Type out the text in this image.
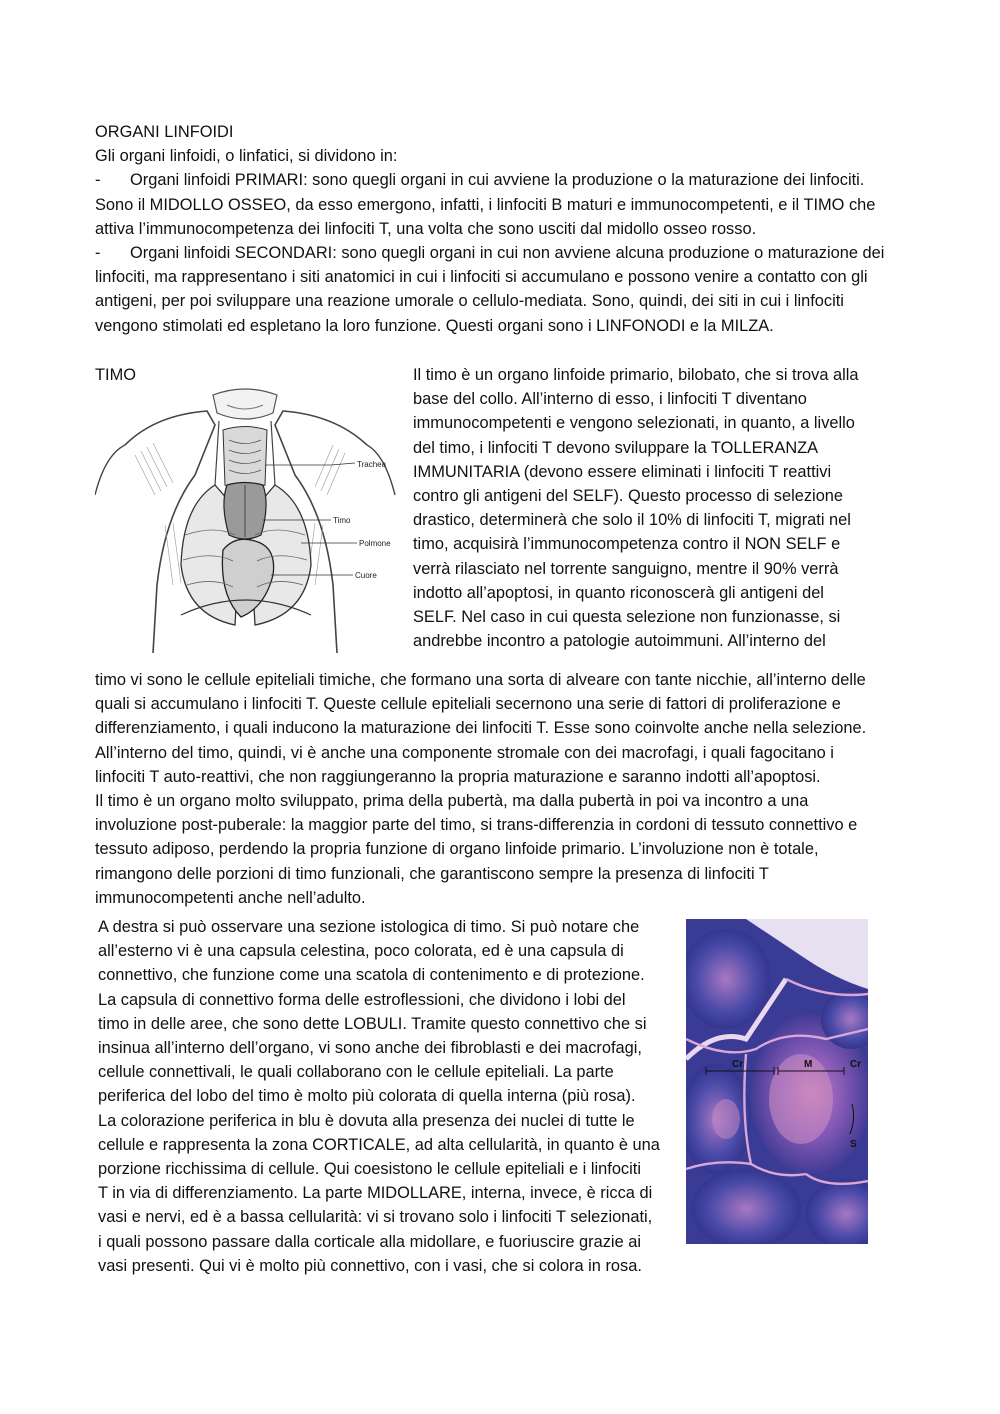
ORGANI LINFOIDI
Gli organi linfoidi, o linfatici, si dividono in:
- Organi linfoidi PRIMARI: sono quegli organi in cui avviene la produzione o la maturazione dei linfociti.
Sono il MIDOLLO OSSEO, da esso emergono, infatti, i linfociti B maturi e immunocompetenti, e il TIMO che
attiva l’immunocompetenza dei linfociti T, una volta che sono usciti dal midollo osseo rosso.
- Organi linfoidi SECONDARI: sono quegli organi in cui non avviene alcuna produzione o maturazione dei
linfociti, ma rappresentano i siti anatomici in cui i linfociti si accumulano e possono venire a contatto con gli
antigeni, per poi sviluppare una reazione umorale o cellulo-mediata. Sono, quindi, dei siti in cui i linfociti
vengono stimolati ed espletano la loro funzione. Questi organi sono i LINFONODI e la MILZA.
TIMO
Trachea
Timo
Polmone
Cuore
Il timo è un organo linfoide primario, bilobato, che si trova alla
base del collo. All’interno di esso, i linfociti T diventano
immunocompetenti e vengono selezionati, in quanto, a livello
del timo, i linfociti T devono sviluppare la TOLLERANZA
IMMUNITARIA (devono essere eliminati i linfociti T reattivi
contro gli antigeni del SELF). Questo processo di selezione
drastico, determinerà che solo il 10% di linfociti T, migrati nel
timo, acquisirà l’immunocompetenza contro il NON SELF e
verrà rilasciato nel torrente sanguigno, mentre il 90% verrà
indotto all’apoptosi, in quanto riconoscerà gli antigeni del
SELF. Nel caso in cui questa selezione non funzionasse, si
andrebbe incontro a patologie autoimmuni. All’interno del
timo vi sono le cellule epiteliali timiche, che formano una sorta di alveare con tante nicchie, all’interno delle
quali si accumulano i linfociti T. Queste cellule epiteliali secernono una serie di fattori di proliferazione e
differenziamento, i quali inducono la maturazione dei linfociti T. Esse sono coinvolte anche nella selezione.
All’interno del timo, quindi, vi è anche una componente stromale con dei macrofagi, i quali fagocitano i
linfociti T auto-reattivi, che non raggiungeranno la propria maturazione e saranno indotti all’apoptosi.
Il timo è un organo molto sviluppato, prima della pubertà, ma dalla pubertà in poi va incontro a una
involuzione post-puberale: la maggior parte del timo, si trans-differenzia in cordoni di tessuto connettivo e
tessuto adiposo, perdendo la propria funzione di organo linfoide primario. L’involuzione non è totale,
rimangono delle porzioni di timo funzionali, che garantiscono sempre la presenza di linfociti T
immunocompetenti anche nell’adulto.
A destra si può osservare una sezione istologica di timo. Si può notare che
all’esterno vi è una capsula celestina, poco colorata, ed è una capsula di
connettivo, che funzione come una scatola di contenimento e di protezione.
La capsula di connettivo forma delle estroflessioni, che dividono i lobi del
timo in delle aree, che sono dette LOBULI. Tramite questo connettivo che si
insinua all’interno dell’organo, vi sono anche dei fibroblasti e dei macrofagi,
cellule connettivali, le quali collaborano con le cellule epiteliali. La parte
periferica del lobo del timo è molto più colorata di quella interna (più rosa).
La colorazione periferica in blu è dovuta alla presenza dei nuclei di tutte le
cellule e rappresenta la zona CORTICALE, ad alta cellularità, in quanto è una
porzione ricchissima di cellule. Qui coesistono le cellule epiteliali e i linfociti
T in via di differenziamento. La parte MIDOLLARE, interna, invece, è ricca di
vasi e nervi, ed è a bassa cellularità: vi si trovano solo i linfociti T selezionati,
i quali possono passare dalla corticale alla midollare, e fuoriuscire grazie ai
vasi presenti. Qui vi è molto più connettivo, con i vasi, che si colora in rosa.
Cr	M	Cr
S
